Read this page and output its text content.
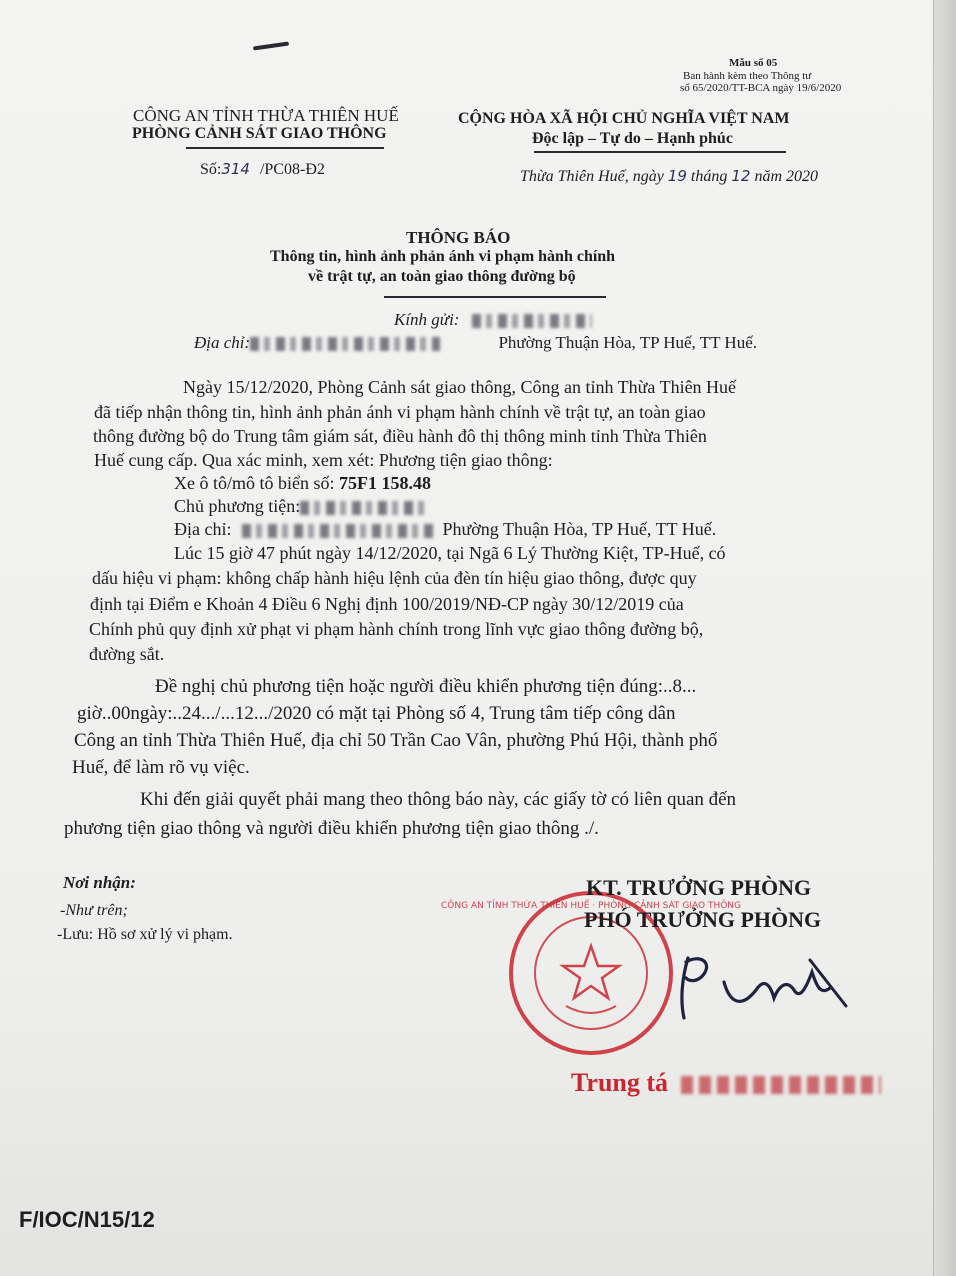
Mẫu số 05
Ban hành kèm theo Thông tư
số 65/2020/TT-BCA ngày 19/6/2020
CÔNG AN TỈNH THỪA THIÊN HUẾ
PHÒNG CẢNH SÁT GIAO THÔNG
Số:314 /PC08-Đ2
CỘNG HÒA XÃ HỘI CHỦ NGHĨA VIỆT NAM
Độc lập – Tự do – Hạnh phúc
Thừa Thiên Huế, ngày 19 tháng 12 năm 2020
THÔNG BÁO
Thông tin, hình ảnh phản ánh vi phạm hành chính
về trật tự, an toàn giao thông đường bộ
Kính gửi:
Địa chỉ:	Phường Thuận Hòa, TP Huế, TT Huế.
Ngày 15/12/2020, Phòng Cảnh sát giao thông, Công an tỉnh Thừa Thiên Huế
đã tiếp nhận thông tin, hình ảnh phản ánh vi phạm hành chính về trật tự, an toàn giao
thông đường bộ do Trung tâm giám sát, điều hành đô thị thông minh tỉnh Thừa Thiên
Huế cung cấp. Qua xác minh, xem xét: Phương tiện giao thông:
Xe ô tô/mô tô biển số: 75F1 158.48
Chủ phương tiện:
Địa chỉ:	Phường Thuận Hòa, TP Huế, TT Huế.
Lúc 15 giờ 47 phút ngày 14/12/2020, tại Ngã 6 Lý Thường Kiệt, TP-Huế, có
dấu hiệu vi phạm: không chấp hành hiệu lệnh của đèn tín hiệu giao thông, được quy
định tại Điểm e Khoản 4 Điều 6 Nghị định 100/2019/NĐ-CP ngày 30/12/2019 của
Chính phủ quy định xử phạt vi phạm hành chính trong lĩnh vực giao thông đường bộ,
đường sắt.
Đề nghị chủ phương tiện hoặc người điều khiển phương tiện đúng:..8...
giờ..00ngày:..24.../...12.../2020 có mặt tại Phòng số 4, Trung tâm tiếp công dân
Công an tỉnh Thừa Thiên Huế, địa chỉ 50 Trần Cao Vân, phường Phú Hội, thành phố
Huế, để làm rõ vụ việc.
Khi đến giải quyết phải mang theo thông báo này, các giấy tờ có liên quan đến
phương tiện giao thông và người điều khiển phương tiện giao thông ./.
Nơi nhận:
-Như trên;
-Lưu: Hồ sơ xử lý vi phạm.
CÔNG AN TỈNH THỪA THIÊN HUẾ · PHÒNG CẢNH SÁT GIAO THÔNG
KT. TRƯỞNG PHÒNG
PHÓ TRƯỞNG PHÒNG
Trung tá
F/IOC/N15/12
